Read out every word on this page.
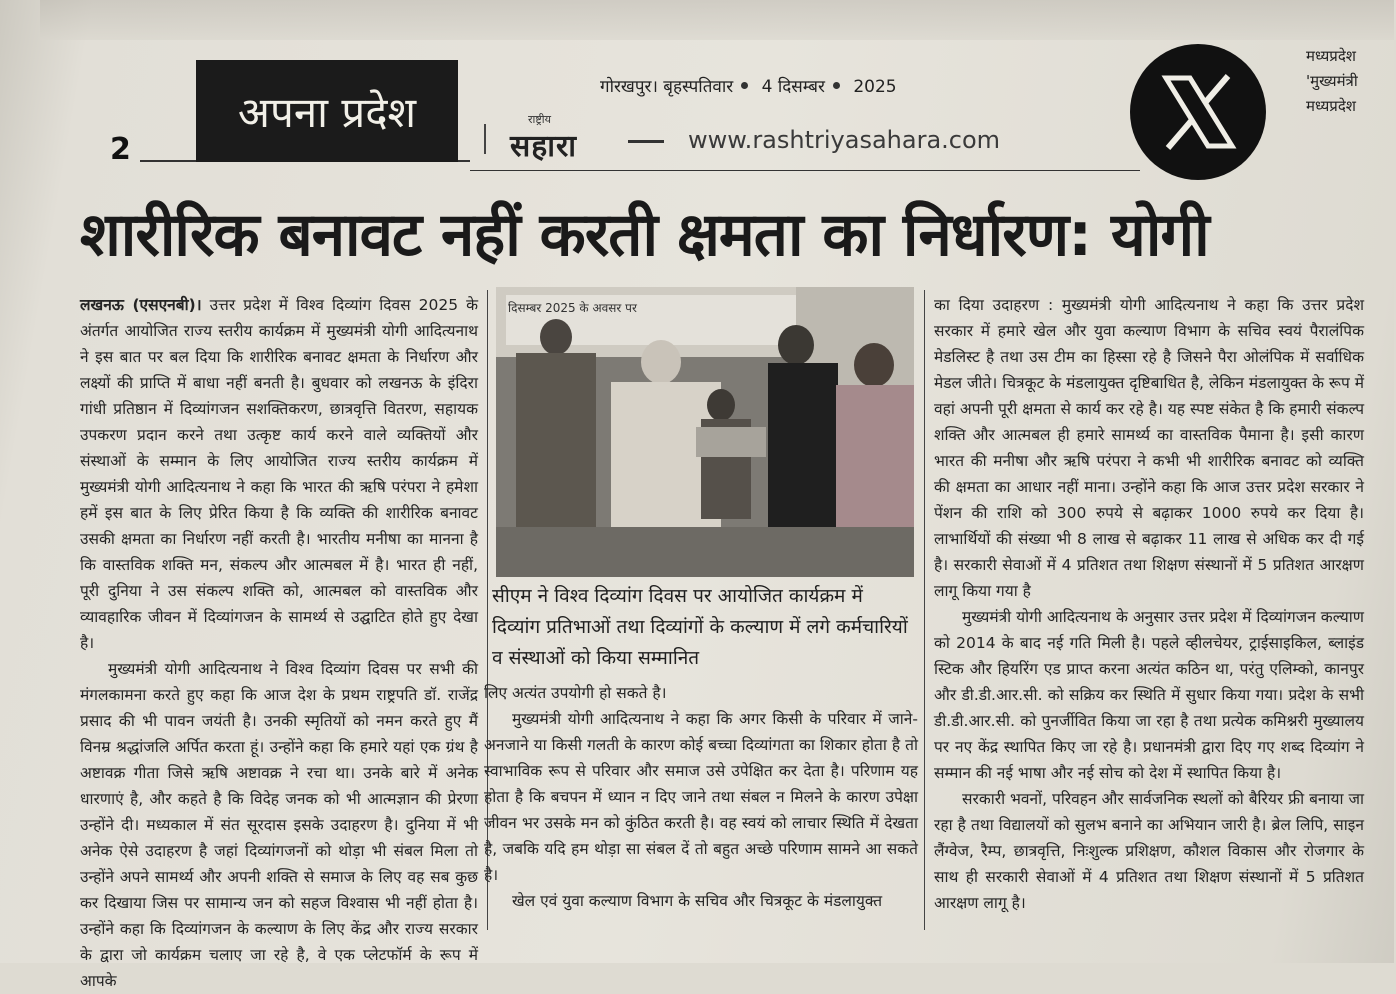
2
अपना प्रदेश
गोरखपुर। बृहस्पतिवार 4 दिसम्बर 2025
राष्ट्रीय
सहारा	www.rashtriyasahara.com
मध्यप्रदेश
'मुख्यमंत्री
मध्यप्रदेश
शारीरिक बनावट नहीं करती क्षमता का निर्धारण: योगी

लखनऊ (एसएनबी)। उत्तर प्रदेश में विश्व दिव्यांग दिवस 2025 के अंतर्गत आयोजित राज्य स्तरीय कार्यक्रम में मुख्यमंत्री योगी आदित्यनाथ ने इस बात पर बल दिया कि शारीरिक बनावट क्षमता के निर्धारण और लक्ष्यों की प्राप्ति में बाधा नहीं बनती है। बुधवार को लखनऊ के इंदिरा गांधी प्रतिष्ठान में दिव्यांगजन सशक्तिकरण, छात्रवृत्ति वितरण, सहायक उपकरण प्रदान करने तथा उत्कृष्ट कार्य करने वाले व्यक्तियों और संस्थाओं के सम्मान के लिए आयोजित राज्य स्तरीय कार्यक्रम में मुख्यमंत्री योगी आदित्यनाथ ने कहा कि भारत की ऋषि परंपरा ने हमेशा हमें इस बात के लिए प्रेरित किया है कि व्यक्ति की शारीरिक बनावट उसकी क्षमता का निर्धारण नहीं करती है। भारतीय मनीषा का मानना है कि वास्तविक शक्ति मन, संकल्प और आत्मबल में है। भारत ही नहीं, पूरी दुनिया ने उस संकल्प शक्ति को, आत्मबल को वास्तविक और व्यावहारिक जीवन में दिव्यांगजन के सामर्थ्य से उद्घाटित होते हुए देखा है।

मुख्यमंत्री योगी आदित्यनाथ ने विश्व दिव्यांग दिवस पर सभी की मंगलकामना करते हुए कहा कि आज देश के प्रथम राष्ट्रपति डॉ. राजेंद्र प्रसाद की भी पावन जयंती है। उनकी स्मृतियों को नमन करते हुए मैं विनम्र श्रद्धांजलि अर्पित करता हूं। उन्होंने कहा कि हमारे यहां एक ग्रंथ है अष्टावक्र गीता जिसे ऋषि अष्टावक्र ने रचा था। उनके बारे में अनेक धारणाएं है, और कहते है कि विदेह जनक को भी आत्मज्ञान की प्रेरणा उन्होंने दी। मध्यकाल में संत सूरदास इसके उदाहरण है। दुनिया में भी अनेक ऐसे उदाहरण है जहां दिव्यांगजनों को थोड़ा भी संबल मिला तो उन्होंने अपने सामर्थ्य और अपनी शक्ति से समाज के लिए वह सब कुछ कर दिखाया जिस पर सामान्य जन को सहज विश्वास भी नहीं होता है। उन्होंने कहा कि दिव्यांगजन के कल्याण के लिए केंद्र और राज्य सरकार के द्वारा जो कार्यक्रम चलाए जा रहे है, वे एक प्लेटफॉर्म के रूप में आपके

दिसम्बर 2025 के अवसर पर
सीएम ने विश्व दिव्यांग दिवस पर आयोजित कार्यक्रम में दिव्यांग प्रतिभाओं तथा दिव्यांगों के कल्याण में लगे कर्मचारियों व संस्थाओं को किया सम्मानित

लिए अत्यंत उपयोगी हो सकते है।

मुख्यमंत्री योगी आदित्यनाथ ने कहा कि अगर किसी के परिवार में जाने-अनजाने या किसी गलती के कारण कोई बच्चा दिव्यांगता का शिकार होता है तो स्वाभाविक रूप से परिवार और समाज उसे उपेक्षित कर देता है। परिणाम यह होता है कि बचपन में ध्यान न दिए जाने तथा संबल न मिलने के कारण उपेक्षा जीवन भर उसके मन को कुंठित करती है। वह स्वयं को लाचार स्थिति में देखता है, जबकि यदि हम थोड़ा सा संबल दें तो बहुत अच्छे परिणाम सामने आ सकते है।

खेल एवं युवा कल्याण विभाग के सचिव और चित्रकूट के मंडलायुक्त

का दिया उदाहरण : मुख्यमंत्री योगी आदित्यनाथ ने कहा कि उत्तर प्रदेश सरकार में हमारे खेल और युवा कल्याण विभाग के सचिव स्वयं पैरालंपिक मेडलिस्ट है तथा उस टीम का हिस्सा रहे है जिसने पैरा ओलंपिक में सर्वाधिक मेडल जीते। चित्रकूट के मंडलायुक्त दृष्टिबाधित है, लेकिन मंडलायुक्त के रूप में वहां अपनी पूरी क्षमता से कार्य कर रहे है। यह स्पष्ट संकेत है कि हमारी संकल्प शक्ति और आत्मबल ही हमारे सामर्थ्य का वास्तविक पैमाना है। इसी कारण भारत की मनीषा और ऋषि परंपरा ने कभी भी शारीरिक बनावट को व्यक्ति की क्षमता का आधार नहीं माना। उन्होंने कहा कि आज उत्तर प्रदेश सरकार ने पेंशन की राशि को 300 रुपये से बढ़ाकर 1000 रुपये कर दिया है। लाभार्थियों की संख्या भी 8 लाख से बढ़ाकर 11 लाख से अधिक कर दी गई है। सरकारी सेवाओं में 4 प्रतिशत तथा शिक्षण संस्थानों में 5 प्रतिशत आरक्षण लागू किया गया है

मुख्यमंत्री योगी आदित्यनाथ के अनुसार उत्तर प्रदेश में दिव्यांगजन कल्याण को 2014 के बाद नई गति मिली है। पहले व्हीलचेयर, ट्राईसाइकिल, ब्लाइंड स्टिक और हियरिंग एड प्राप्त करना अत्यंत कठिन था, परंतु एलिम्को, कानपुर और डी.डी.आर.सी. को सक्रिय कर स्थिति में सुधार किया गया। प्रदेश के सभी डी.डी.आर.सी. को पुनर्जीवित किया जा रहा है तथा प्रत्येक कमिश्नरी मुख्यालय पर नए केंद्र स्थापित किए जा रहे है। प्रधानमंत्री द्वारा दिए गए शब्द दिव्यांग ने सम्मान की नई भाषा और नई सोच को देश में स्थापित किया है।

सरकारी भवनों, परिवहन और सार्वजनिक स्थलों को बैरियर फ्री बनाया जा रहा है तथा विद्यालयों को सुलभ बनाने का अभियान जारी है। ब्रेल लिपि, साइन लैंग्वेज, रैम्प, छात्रवृत्ति, निःशुल्क प्रशिक्षण, कौशल विकास और रोजगार के साथ ही सरकारी सेवाओं में 4 प्रतिशत तथा शिक्षण संस्थानों में 5 प्रतिशत आरक्षण लागू है।
